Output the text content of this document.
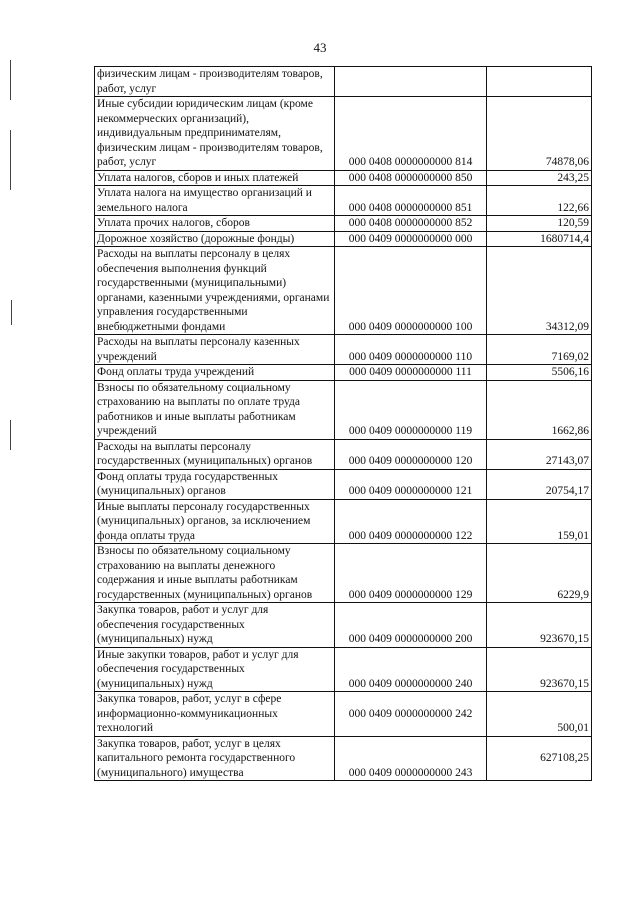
43
физическим лицам - производителям товаров, работ, услуг		
Иные субсидии юридическим лицам (кроме некоммерческих организаций), индивидуальным предпринимателям, физическим лицам - производителям товаров, работ, услуг	000 0408 0000000000 814	74878,06
Уплата налогов, сборов и иных платежей	000 0408 0000000000 850	243,25
Уплата налога на имущество организаций и земельного налога	000 0408 0000000000 851	122,66
Уплата прочих налогов, сборов	000 0408 0000000000 852	120,59
Дорожное хозяйство (дорожные фонды)	000 0409 0000000000 000	1680714,4
Расходы на выплаты персоналу в целях обеспечения выполнения функций государственными (муниципальными) органами, казенными учреждениями, органами управления государственными внебюджетными фондами	000 0409 0000000000 100	34312,09
Расходы на выплаты персоналу казенных учреждений	000 0409 0000000000 110	7169,02
Фонд оплаты труда учреждений	000 0409 0000000000 111	5506,16
Взносы по обязательному социальному страхованию на выплаты по оплате труда работников и иные выплаты работникам учреждений	000 0409 0000000000 119	1662,86
Расходы на выплаты персоналу государственных (муниципальных) органов	000 0409 0000000000 120	27143,07
Фонд оплаты труда государственных (муниципальных) органов	000 0409 0000000000 121	20754,17
Иные выплаты персоналу государственных (муниципальных) органов, за исключением фонда оплаты труда	000 0409 0000000000 122	159,01
Взносы по обязательному социальному страхованию на выплаты денежного содержания и иные выплаты работникам государственных (муниципальных) органов	000 0409 0000000000 129	6229,9
Закупка товаров, работ и услуг для обеспечения государственных (муниципальных) нужд	000 0409 0000000000 200	923670,15
Иные закупки товаров, работ и услуг для обеспечения государственных (муниципальных) нужд	000 0409 0000000000 240	923670,15
Закупка товаров, работ, услуг в сфере информационно-коммуникационных технологий	000 0409 0000000000 242	500,01
Закупка товаров, работ, услуг в целях капитального ремонта государственного (муниципального) имущества	000 0409 0000000000 243	627108,25
